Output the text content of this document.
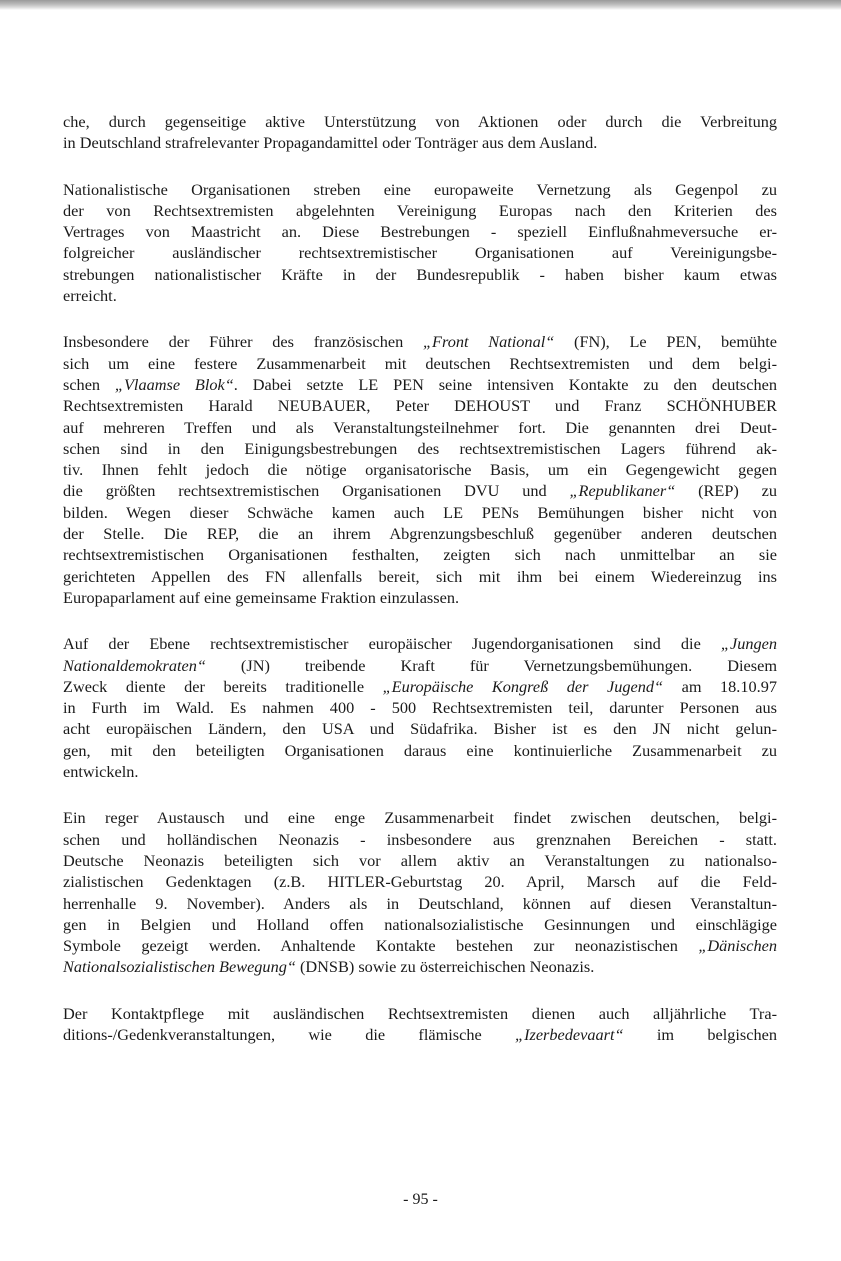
che, durch gegenseitige aktive Unterstützung von Aktionen oder durch die Verbreitung
in Deutschland strafrelevanter Propagandamittel oder Tonträger aus dem Ausland.

Nationalistische Organisationen streben eine europaweite Vernetzung als Gegenpol zu
der von Rechtsextremisten abgelehnten Vereinigung Europas nach den Kriterien des
Vertrages von Maastricht an. Diese Bestrebungen - speziell Einflußnahmeversuche er-
folgreicher ausländischer rechtsextremistischer Organisationen auf Vereinigungsbe-
strebungen nationalistischer Kräfte in der Bundesrepublik - haben bisher kaum etwas
erreicht.

Insbesondere der Führer des französischen „Front National“ (FN), Le PEN, bemühte
sich um eine festere Zusammenarbeit mit deutschen Rechtsextremisten und dem belgi-
schen „Vlaamse Blok“. Dabei setzte LE PEN seine intensiven Kontakte zu den deutschen
Rechtsextremisten Harald NEUBAUER, Peter DEHOUST und Franz SCHÖNHUBER
auf mehreren Treffen und als Veranstaltungsteilnehmer fort. Die genannten drei Deut-
schen sind in den Einigungsbestrebungen des rechtsextremistischen Lagers führend ak-
tiv. Ihnen fehlt jedoch die nötige organisatorische Basis, um ein Gegengewicht gegen
die größten rechtsextremistischen Organisationen DVU und „Republikaner“ (REP) zu
bilden. Wegen dieser Schwäche kamen auch LE PENs Bemühungen bisher nicht von
der Stelle. Die REP, die an ihrem Abgrenzungsbeschluß gegenüber anderen deutschen
rechtsextremistischen Organisationen festhalten, zeigten sich nach unmittelbar an sie
gerichteten Appellen des FN allenfalls bereit, sich mit ihm bei einem Wiedereinzug ins
Europaparlament auf eine gemeinsame Fraktion einzulassen.

Auf der Ebene rechtsextremistischer europäischer Jugendorganisationen sind die „Jungen
Nationaldemokraten“ (JN) treibende Kraft für Vernetzungsbemühungen. Diesem
Zweck diente der bereits traditionelle „Europäische Kongreß der Jugend“ am 18.10.97
in Furth im Wald. Es nahmen 400 - 500 Rechtsextremisten teil, darunter Personen aus
acht europäischen Ländern, den USA und Südafrika. Bisher ist es den JN nicht gelun-
gen, mit den beteiligten Organisationen daraus eine kontinuierliche Zusammenarbeit zu
entwickeln.

Ein reger Austausch und eine enge Zusammenarbeit findet zwischen deutschen, belgi-
schen und holländischen Neonazis - insbesondere aus grenznahen Bereichen - statt.
Deutsche Neonazis beteiligten sich vor allem aktiv an Veranstaltungen zu nationalso-
zialistischen Gedenktagen (z.B. HITLER-Geburtstag 20. April, Marsch auf die Feld-
herrenhalle 9. November). Anders als in Deutschland, können auf diesen Veranstaltun-
gen in Belgien und Holland offen nationalsozialistische Gesinnungen und einschlägige
Symbole gezeigt werden. Anhaltende Kontakte bestehen zur neonazistischen „Dänischen
Nationalsozialistischen Bewegung“ (DNSB) sowie zu österreichischen Neonazis.

Der Kontaktpflege mit ausländischen Rechtsextremisten dienen auch alljährliche Tra-
ditions-/Gedenkveranstaltungen, wie die flämische „Izerbedevaart“ im belgischen

- 95 -
